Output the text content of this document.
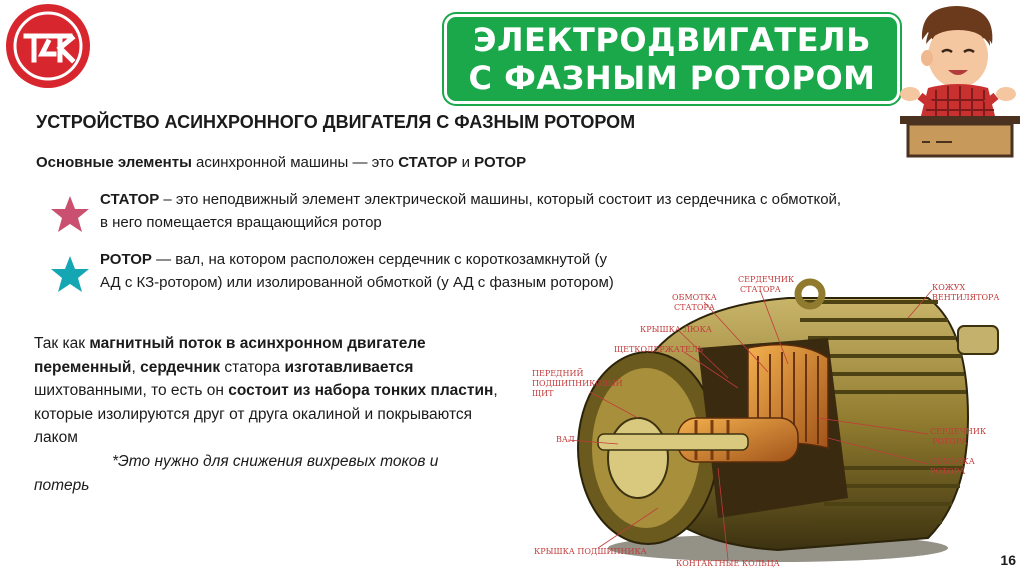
ЭЛЕКТРОДВИГАТЕЛЬ
С ФАЗНЫМ РОТОРОМ
УСТРОЙСТВО АСИНХРОННОГО ДВИГАТЕЛЯ С ФАЗНЫМ РОТОРОМ
Основные элементы асинхронной машины — это СТАТОР и РОТОР
СТАТОР – это неподвижный элемент электрической машины, который состоит из сердечника с обмоткой,
в него помещается вращающийся ротор
РОТОР — вал, на котором расположен сердечник с короткозамкнутой (у
АД с КЗ-ротором) или изолированной обмоткой (у АД с фазным ротором)
Так как магнитный поток в асинхронном двигателе переменный, сердечник статора изготавливается шихтованными, то есть он состоит из набора тонких пластин, которые изолируются друг от друга окалиной и покрываются лаком
*Это нужно для снижения вихревых токов и
потерь
СЕРДЕЧНИК СТАТОРА
ОБМОТКА СТАТОРА
КРЫШКА ЛЮКА
ЩЕТКОДЕРЖАТЕЛЬ
ПЕРЕДНИЙ ПОДШИПНИКОВЫЙ ЩИТ
ВАЛ
КОЖУХ ВЕНТИЛЯТОРА
СЕРДЕЧНИК РОТОРА
ОБМОТКА РОТОРА
КРЫШКА ПОДШИПНИКА
КОНТАКТНЫЕ КОЛЬЦА	16
